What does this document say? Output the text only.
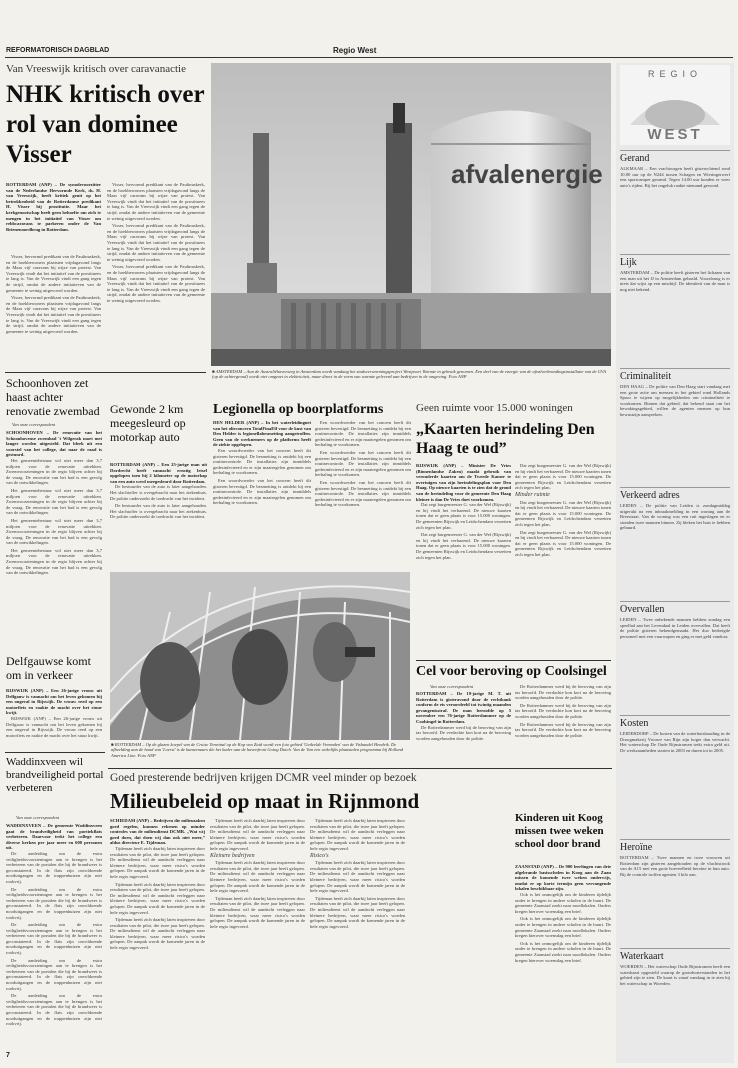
REFORMATORISCH DAGBLAD	Regio West
Van Vreeswijk kritisch over caravanactie
NHK kritisch over rol van dominee Visser
ROTTERDAM (ANP) – De synodevoorzitter van de Nederlandse Hervormde Kerk, ds. H. van Vreeswijk, heeft kritiek geuit op het betrokkenheid van de Rotterdamse predikant H. Visser bij prostitutie. Maar het kerkgenootschap heeft geen behoefte om zich te mengen in het initiatief van Visser om rebbcaravans te parkeren onder de Van Brienenoordbrug in Rotterdam.

Visser, hervormd predikant van de Paulinuskerk, en de hoekbewoners plaatsten vrijdagavond langs de Maas vijf caravans bij wijze van protest. Van Vreeswijk vindt dat het initiatief van de prostituees te lang is. Van de Vreeswijk vindt een gang tegen de strijd, omdat de andere initiatieven van de gemeente te weinig uitgevoerd worden.

Visser, hervormd predikant van de Paulinuskerk, en de hoekbewoners plaatsten vrijdagavond langs de Maas vijf caravans bij wijze van protest. Van Vreeswijk vindt dat het initiatief van de prostituees te lang is. Van de Vreeswijk vindt een gang tegen de strijd, omdat de andere initiatieven van de gemeente te weinig uitgevoerd worden.

Visser, hervormd predikant van de Paulinuskerk, en de hoekbewoners plaatsten vrijdagavond langs de Maas vijf caravans bij wijze van protest. Van Vreeswijk vindt dat het initiatief van de prostituees te lang is. Van de Vreeswijk vindt een gang tegen de strijd, omdat de andere initiatieven van de gemeente te weinig uitgevoerd worden.

Visser, hervormd predikant van de Paulinuskerk, en de hoekbewoners plaatsten vrijdagavond langs de Maas vijf caravans bij wijze van protest. Van Vreeswijk vindt dat het initiatief van de prostituees te lang is. Van de Vreeswijk vindt een gang tegen de strijd, omdat de andere initiatieven van de gemeente te weinig uitgevoerd worden.

Visser, hervormd predikant van de Paulinuskerk, en de hoekbewoners plaatsten vrijdagavond langs de Maas vijf caravans bij wijze van protest. Van Vreeswijk vindt dat het initiatief van de prostituees te lang is. Van de Vreeswijk vindt een gang tegen de strijd, omdat de andere initiatieven van de gemeente te weinig uitgevoerd worden.

Schoonhoven zet haast achter renovatie zwembad
Van onze correspondent
SCHOONHOVEN – De renovatie van het Schoonhovense zwembad 't Wilgerak moet met langer worden uitgesteld. Dat bleek uit een voorstel van het college, dat naar de raad is gestuurd.

Het gemeentebestuur wil niet meer dan 3,7 miljoen voor de renovatie uitrekken. Zwemvoorzieningen in de regio blijven achter bij de vraag. De renovatie van het bad is een gevolg van de ontwikkelingen.

Het gemeentebestuur wil niet meer dan 3,7 miljoen voor de renovatie uitrekken. Zwemvoorzieningen in de regio blijven achter bij de vraag. De renovatie van het bad is een gevolg van de ontwikkelingen.

Het gemeentebestuur wil niet meer dan 3,7 miljoen voor de renovatie uitrekken. Zwemvoorzieningen in de regio blijven achter bij de vraag. De renovatie van het bad is een gevolg van de ontwikkelingen.

Het gemeentebestuur wil niet meer dan 3,7 miljoen voor de renovatie uitrekken. Zwemvoorzieningen in de regio blijven achter bij de vraag. De renovatie van het bad is een gevolg van de ontwikkelingen.

Delfgauwse komt om in verkeer
RIJSWIJK (ANP) – Een 26-jarige vrouw uit Delfgauw is vannacht om het leven gekomen bij een ongeval in Rijswijk. De vrouw reed op een motorfiets en raakte de macht over het stuur kwijt.

RIJSWIJK (ANP) – Een 26-jarige vrouw uit Delfgauw is vannacht om het leven gekomen bij een ongeval in Rijswijk. De vrouw reed op een motorfiets en raakte de macht over het stuur kwijt.

Waddinxveen wil brandveiligheid portal verbeteren
Van onze correspondent
WADDINXVEEN – De gemeente Waddinxveen gaat de brandveiligheid van portiekflats verbeteren. Daarvoor trekt het college een diverse kerken per jaar meer en 600 personen uit.

De aanleiding om de extra veiligheidsvoorzieningen aan te brengen is het verbeteren van de portalen die bij de brandweer is geconstateerd. In de flats zijn onvoldoende nooduitgangen en de trappenhuizen zijn niet rookvrij.

De aanleiding om de extra veiligheidsvoorzieningen aan te brengen is het verbeteren van de portalen die bij de brandweer is geconstateerd. In de flats zijn onvoldoende nooduitgangen en de trappenhuizen zijn niet rookvrij.

De aanleiding om de extra veiligheidsvoorzieningen aan te brengen is het verbeteren van de portalen die bij de brandweer is geconstateerd. In de flats zijn onvoldoende nooduitgangen en de trappenhuizen zijn niet rookvrij.

De aanleiding om de extra veiligheidsvoorzieningen aan te brengen is het verbeteren van de portalen die bij de brandweer is geconstateerd. In de flats zijn onvoldoende nooduitgangen en de trappenhuizen zijn niet rookvrij.

De aanleiding om de extra veiligheidsvoorzieningen aan te brengen is het verbeteren van de portalen die bij de brandweer is geconstateerd. In de flats zijn onvoldoende nooduitgangen en de trappenhuizen zijn niet rookvrij.

7
afvalenergie
■ AMSTERDAM – Aan de Australiëhavenweg in Amsterdam wordt vandaag het stadsverwarmingsproject Westpoort Warmte in gebruik genomen. Een deel van de energie van de afvalverbrandingsinstallatie van de GVA (op de achtergrond) wordt niet omgezet in elektriciteit, maar direct in de vorm van warmte geleverd aan bedrijven in de omgeving. Foto ANP
Gewonde 2 km meegesleurd op motorkap auto
ROTTERDAM (ANP) – Een 25-jarige man uit Dordrecht heeft vannacht ernstig letsel opgelopen toen hij 2 kilometer op de motorkap van een auto werd meegesleurd door Rotterdam.

De bestuurder van de auto is later aangehouden. Het slachtoffer is overgebracht naar het ziekenhuis. De politie onderzoekt de toedracht van het incident.

De bestuurder van de auto is later aangehouden. Het slachtoffer is overgebracht naar het ziekenhuis. De politie onderzoekt de toedracht van het incident.

Legionella op boorplatforms
DEN HELDER (ANP) – In het waterleidingnet van het olieconcern TotalFinaElf voor de kust van Den Helder is legionellabesmetting aangetroffen. Geen van de werknemers op de platforms heeft de ziekte opgelopen.

Een woordvoerder van het concern heeft dit gisteren bevestigd. De besmetting is ontdekt bij een routinecontrole. De installaties zijn inmiddels gedesinfecteerd en er zijn maatregelen genomen om herhaling te voorkomen.

Een woordvoerder van het concern heeft dit gisteren bevestigd. De besmetting is ontdekt bij een routinecontrole. De installaties zijn inmiddels gedesinfecteerd en er zijn maatregelen genomen om herhaling te voorkomen.

Een woordvoerder van het concern heeft dit gisteren bevestigd. De besmetting is ontdekt bij een routinecontrole. De installaties zijn inmiddels gedesinfecteerd en er zijn maatregelen genomen om herhaling te voorkomen.

Een woordvoerder van het concern heeft dit gisteren bevestigd. De besmetting is ontdekt bij een routinecontrole. De installaties zijn inmiddels gedesinfecteerd en er zijn maatregelen genomen om herhaling te voorkomen.

Een woordvoerder van het concern heeft dit gisteren bevestigd. De besmetting is ontdekt bij een routinecontrole. De installaties zijn inmiddels gedesinfecteerd en er zijn maatregelen genomen om herhaling te voorkomen.

Geen ruimte voor 15.000 woningen
„Kaarten herindeling Den Haag te oud”
RIJSWIJK (ANP) – Minister De Vries (Binnenlandse Zaken) maakt gebruik van verouderde kaarten om de Tweede Kamer te overtuigen van zijn herindelingsplan voor Den Haag. Op nieuwe kaarten is te zien dat de grond van de herindeling voor de gemeente Den Haag kleiner is dan De Vries doet voorkomen.

Dat zegt burgemeester G. van der Wel (Rijswijk) en hij vindt het verbazend. De nieuwe kaarten tonen dat er geen plaats is voor 15.000 woningen. De gemeenten Rijswijk en Leidschendam verzetten zich tegen het plan.

Dat zegt burgemeester G. van der Wel (Rijswijk) en hij vindt het verbazend. De nieuwe kaarten tonen dat er geen plaats is voor 15.000 woningen. De gemeenten Rijswijk en Leidschendam verzetten zich tegen het plan.

Dat zegt burgemeester G. van der Wel (Rijswijk) en hij vindt het verbazend. De nieuwe kaarten tonen dat er geen plaats is voor 15.000 woningen. De gemeenten Rijswijk en Leidschendam verzetten zich tegen het plan.

Minder ruimte

Dat zegt burgemeester G. van der Wel (Rijswijk) en hij vindt het verbazend. De nieuwe kaarten tonen dat er geen plaats is voor 15.000 woningen. De gemeenten Rijswijk en Leidschendam verzetten zich tegen het plan.

Dat zegt burgemeester G. van der Wel (Rijswijk) en hij vindt het verbazend. De nieuwe kaarten tonen dat er geen plaats is voor 15.000 woningen. De gemeenten Rijswijk en Leidschendam verzetten zich tegen het plan.

■ ROTTERDAM – Op de glazen koepel van de Cruise Terminal op de Kop van Zuid wordt een foto gebied 'Gedeelde Vreemden' van de Vishandel Hendrik. De afbeelding aan de hand van 'Loerst' is de kunstenaars die het kader aan de havenfront Going Dutch. Van de Van een wekelijks plaatstalen programma bij Holland America Line. Foto ANP
Cel voor beroving op Coolsingel
Van onze correspondent
ROTTERDAM – De 19-jarige M. T. uit Rotterdam is gisteravond door de rechtbank conform de eis veroordeeld tot twintig maanden gevangenisstraf. De man beroofde op 5 november een 76-jarige Rotterdammer op de Coolsingel in Rotterdam.

De Rotterdammer werd bij de beroving van zijn tas beroofd. De verdachte kon kort na de beroving worden aangehouden door de politie.

De Rotterdammer werd bij de beroving van zijn tas beroofd. De verdachte kon kort na de beroving worden aangehouden door de politie.

De Rotterdammer werd bij de beroving van zijn tas beroofd. De verdachte kon kort na de beroving worden aangehouden door de politie.

De Rotterdammer werd bij de beroving van zijn tas beroofd. De verdachte kon kort na de beroving worden aangehouden door de politie.

Goed presterende bedrijven krijgen DCMR veel minder op bezoek
Milieubeleid op maat in Rijnmond
SCHIEDAM (ANP) – Bedrijven die milieuzaken goed regelen, kunnen rekenen op minder controles van de milieudienst DCMR. „Wat wij goed doen, dat doen wij dan ook niet meer,” aldus directeur E. Tijdeman.

Tijdeman heeft zich daarbij laten inspireren door resultaten van de pilot, die twee jaar heeft gelopen. De milieudienst wil de aandacht verleggen naar kleinere bedrijven, waar meer risico's worden gelopen. De aanpak wordt de komende jaren in de hele regio ingevoerd.

Tijdeman heeft zich daarbij laten inspireren door resultaten van de pilot, die twee jaar heeft gelopen. De milieudienst wil de aandacht verleggen naar kleinere bedrijven, waar meer risico's worden gelopen. De aanpak wordt de komende jaren in de hele regio ingevoerd.

Tijdeman heeft zich daarbij laten inspireren door resultaten van de pilot, die twee jaar heeft gelopen. De milieudienst wil de aandacht verleggen naar kleinere bedrijven, waar meer risico's worden gelopen. De aanpak wordt de komende jaren in de hele regio ingevoerd.

Tijdeman heeft zich daarbij laten inspireren door resultaten van de pilot, die twee jaar heeft gelopen. De milieudienst wil de aandacht verleggen naar kleinere bedrijven, waar meer risico's worden gelopen. De aanpak wordt de komende jaren in de hele regio ingevoerd.

Kleinere bedrijven

Tijdeman heeft zich daarbij laten inspireren door resultaten van de pilot, die twee jaar heeft gelopen. De milieudienst wil de aandacht verleggen naar kleinere bedrijven, waar meer risico's worden gelopen. De aanpak wordt de komende jaren in de hele regio ingevoerd.

Tijdeman heeft zich daarbij laten inspireren door resultaten van de pilot, die twee jaar heeft gelopen. De milieudienst wil de aandacht verleggen naar kleinere bedrijven, waar meer risico's worden gelopen. De aanpak wordt de komende jaren in de hele regio ingevoerd.

Tijdeman heeft zich daarbij laten inspireren door resultaten van de pilot, die twee jaar heeft gelopen. De milieudienst wil de aandacht verleggen naar kleinere bedrijven, waar meer risico's worden gelopen. De aanpak wordt de komende jaren in de hele regio ingevoerd.

Risico's

Tijdeman heeft zich daarbij laten inspireren door resultaten van de pilot, die twee jaar heeft gelopen. De milieudienst wil de aandacht verleggen naar kleinere bedrijven, waar meer risico's worden gelopen. De aanpak wordt de komende jaren in de hele regio ingevoerd.

Tijdeman heeft zich daarbij laten inspireren door resultaten van de pilot, die twee jaar heeft gelopen. De milieudienst wil de aandacht verleggen naar kleinere bedrijven, waar meer risico's worden gelopen. De aanpak wordt de komende jaren in de hele regio ingevoerd.

Kinderen uit Koog missen twee weken school door brand
ZAANSTAD (ANP) – De 900 leerlingen van drie afgebrande basisscholen in Koog aan de Zaan missen de komende twee weken onderwijs, omdat er op korte termijn geen vervangende lokalen beschikbaar zijn.

Ook is het onmogelijk om de kinderen tijdelijk onder te brengen in andere scholen in de buurt. De gemeente Zaanstad zoekt naar noodlokalen. Ouders kregen hierover woensdag een brief.

Ook is het onmogelijk om de kinderen tijdelijk onder te brengen in andere scholen in de buurt. De gemeente Zaanstad zoekt naar noodlokalen. Ouders kregen hierover woensdag een brief.

Ook is het onmogelijk om de kinderen tijdelijk onder te brengen in andere scholen in de buurt. De gemeente Zaanstad zoekt naar noodlokalen. Ouders kregen hierover woensdag een brief.

REGIO
WEST
Gerand
ALKMAAR – Een vrachtwagen heeft gisterochtend rond 10.00 uur op de N244 tussen Schagen en Wieringerwerf een sportcamper geramd. Tegen 14.00 uur konden er weer auto's rijden. Bij het ongeluk raakte niemand gewond.
Lijk
AMSTERDAM – De politie heeft gisteren het lichaam van een man uit het IJ in Amsterdam gehaald. Vooralsnog is er niets dat wijst op een misdrijf. De identiteit van de man is nog niet bekend.
Criminaliteit
DEN HAAG – De politie van Den Haag start vandaag met een grote actie om mensen in het gebied rond Hollands Spoor te wijzen op mogelijkheden om criminaliteit te voorkomen. Binnen dat gebied, dat bekend staat om het bewakingsgebied, willen de agenten mensen op hun bewustzijn aanspreken.
Verkeerd adres
LEIDEN – De politie van Leiden is zondagmiddag uitgerukt na een inbraakmelding in een woning aan de Breestraat. Van de woning was een ruit ingeslagen en er stonden twee mannen binnen. Zij bleken het huis te hebben gehuurd.
Overvallen
LEIDEN – Twee onbekende mannen hebben zondag een speelhal aan het Levendaal in Leiden overvallen. Dat heeft de politie gisteren bekendgemaakt. Het duo bedreigde personeel met een vuurwapen en ging er met geld vandoor.
Kosten
LEIDERDORP – De kosten van de waterhuishouding in de Droogmakerij Vrouwe van Rijn zijn hoger dan verwacht. Het waterschap De Oude Rijnstromen trekt extra geld uit. De werkzaamheden starten in 2003 en duren tot in 2005.
Heroïne
ROTTERDAM – Twee mannen en twee vrouwen uit Rotterdam zijn gisteren aangehouden op de vluchtstrook van de A15 met een grote hoeveelheid heroïne in hun auto. Bij de controle troffen agenten 3 kilo aan.
Waterkaart
WOERDEN – Het waterschap Oude Rijnstromen heeft een waterkaart opgesteld waarop de grondwaterstanden in het gebied zijn te zien. De kaart is vanaf vandaag in te zien bij het waterschap in Woerden.
